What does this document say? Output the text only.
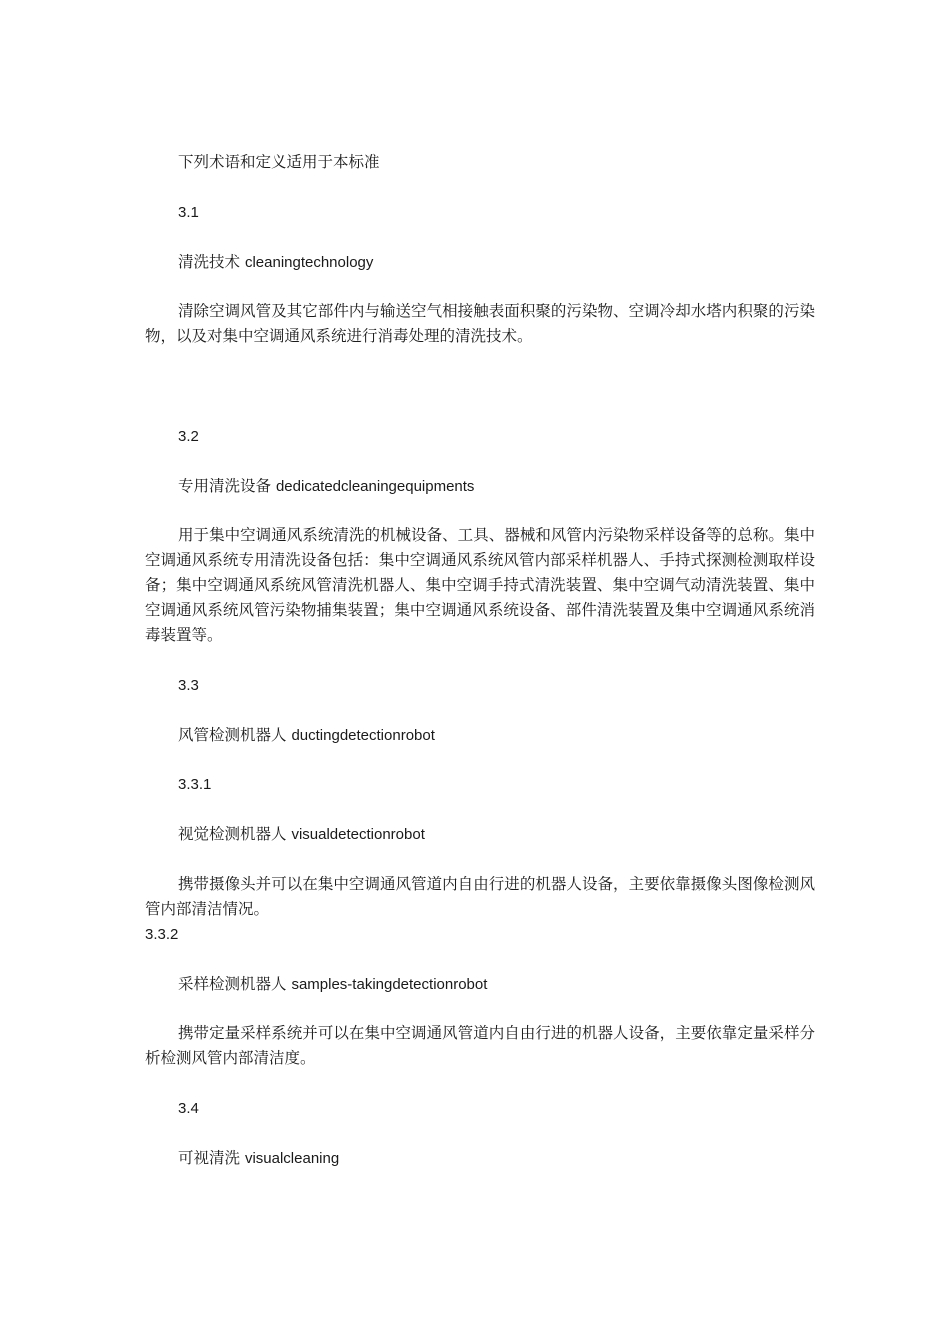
下列术语和定义适用于本标准
3.1
清洗技术 cleaningtechnology
清除空调风管及其它部件内与输送空气相接触表面积聚的污染物、空调冷却水塔内积聚的污染物，以及对集中空调通风系统进行消毒处理的清洗技术。
3.2
专用清洗设备 dedicatedcleaningequipments
用于集中空调通风系统清洗的机械设备、工具、器械和风管内污染物采样设备等的总称。集中空调通风系统专用清洗设备包括：集中空调通风系统风管内部采样机器人、手持式探测检测取样设备；集中空调通风系统风管清洗机器人、集中空调手持式清洗装置、集中空调气动清洗装置、集中空调通风系统风管污染物捕集装置；集中空调通风系统设备、部件清洗装置及集中空调通风系统消毒装置等。
3.3
风管检测机器人 ductingdetectionrobot
3.3.1
视觉检测机器人 visualdetectionrobot
携带摄像头并可以在集中空调通风管道内自由行进的机器人设备，主要依靠摄像头图像检测风管内部清洁情况。
3.3.2
采样检测机器人 samples-takingdetectionrobot
携带定量采样系统并可以在集中空调通风管道内自由行进的机器人设备，主要依靠定量采样分析检测风管内部清洁度。
3.4
可视清洗 visualcleaning
